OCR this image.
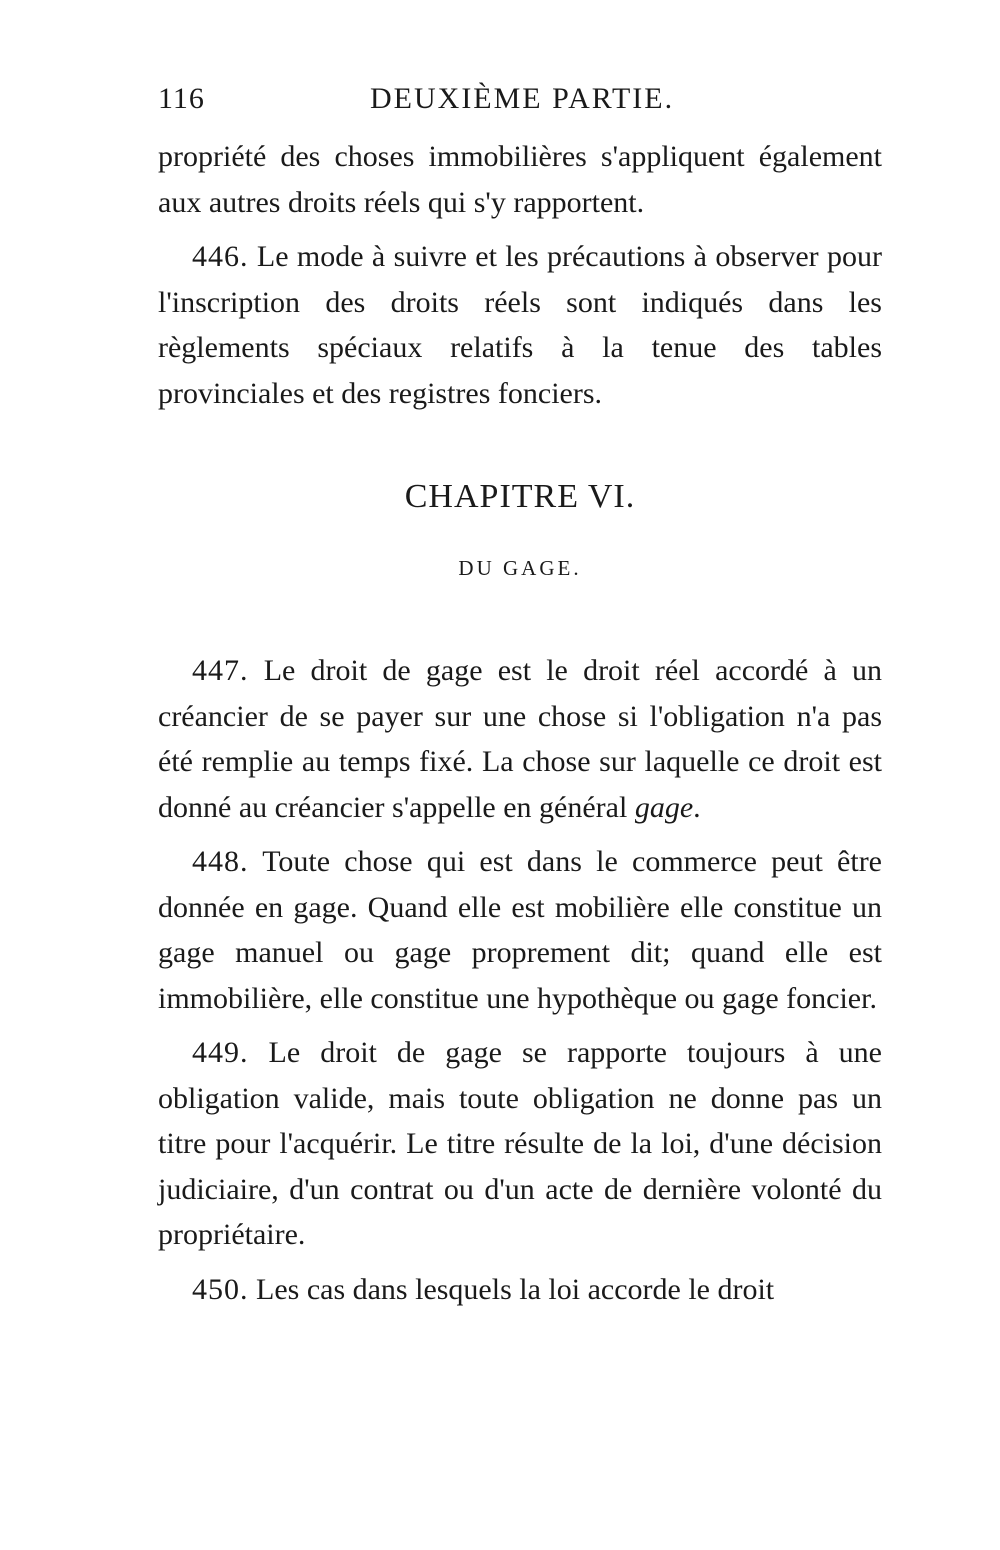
116	DEUXIÈME PARTIE.

propriété des choses immobilières s'appliquent également aux autres droits réels qui s'y rapportent.

446. Le mode à suivre et les précautions à observer pour l'inscription des droits réels sont indiqués dans les règlements spéciaux relatifs à la tenue des tables provinciales et des registres fonciers.

CHAPITRE VI.
DU GAGE.

447. Le droit de gage est le droit réel accordé à un créancier de se payer sur une chose si l'obligation n'a pas été remplie au temps fixé. La chose sur laquelle ce droit est donné au créancier s'appelle en général gage.

448. Toute chose qui est dans le commerce peut être donnée en gage. Quand elle est mobilière elle constitue un gage manuel ou gage proprement dit; quand elle est immobilière, elle constitue une hypothèque ou gage foncier.

449. Le droit de gage se rapporte toujours à une obligation valide, mais toute obligation ne donne pas un titre pour l'acquérir. Le titre résulte de la loi, d'une décision judiciaire, d'un contrat ou d'un acte de dernière volonté du propriétaire.

450. Les cas dans lesquels la loi accorde le droit
